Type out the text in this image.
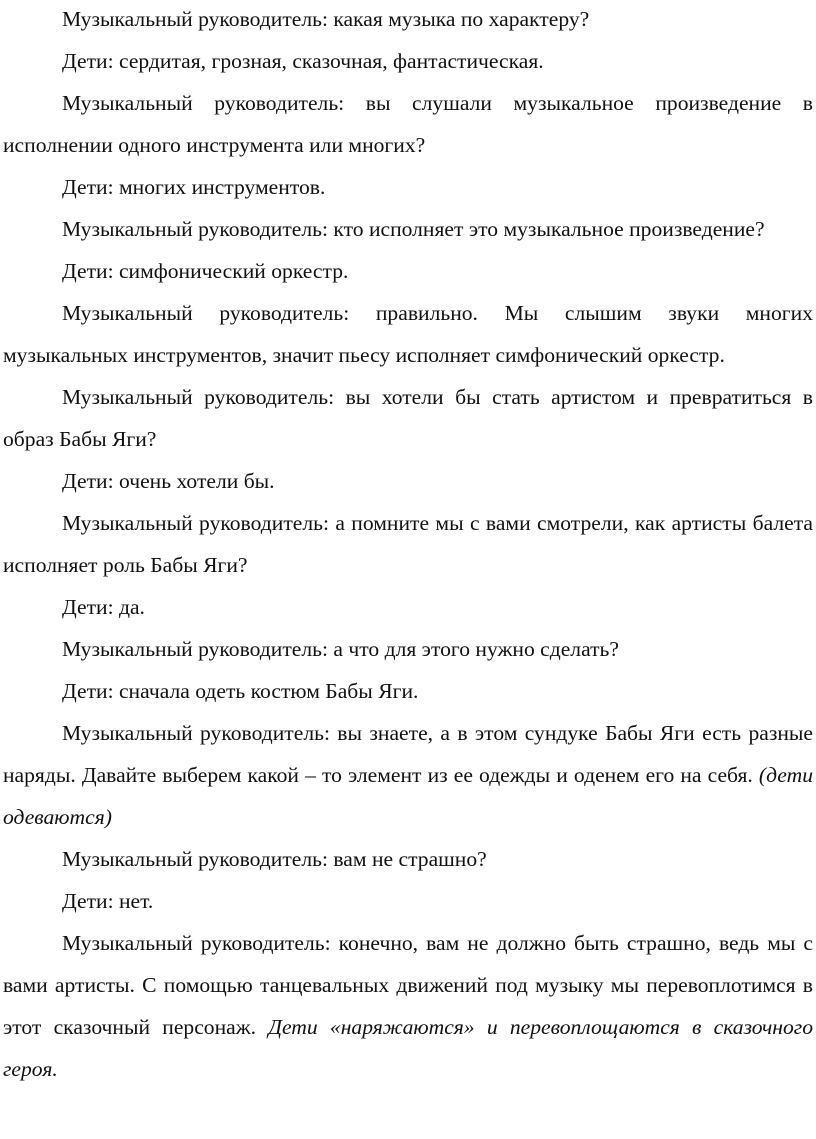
Музыкальный руководитель: какая музыка по характеру?

Дети: сердитая, грозная, сказочная, фантастическая.

Музыкальный руководитель: вы слушали музыкальное произведение в исполнении одного инструмента или многих?

Дети: многих инструментов.

Музыкальный руководитель: кто исполняет это музыкальное произведение?

Дети: симфонический оркестр.

Музыкальный руководитель: правильно. Мы слышим звуки многих музыкальных инструментов, значит пьесу исполняет симфонический оркестр.

Музыкальный руководитель: вы хотели бы стать артистом и превратиться в образ Бабы Яги?

Дети: очень хотели бы.

Музыкальный руководитель: а помните мы с вами смотрели, как артисты балета исполняет роль Бабы Яги?

Дети: да.

Музыкальный руководитель: а что для этого нужно сделать?

Дети: сначала одеть костюм Бабы Яги.

Музыкальный руководитель: вы знаете, а в этом сундуке Бабы Яги есть разные наряды. Давайте выберем какой – то элемент из ее одежды и оденем его на себя. (дети одеваются)

Музыкальный руководитель: вам не страшно?

Дети: нет.

Музыкальный руководитель: конечно, вам не должно быть страшно, ведь мы с вами артисты. С помощью танцевальных движений под музыку мы перевоплотимся в этот сказочный персонаж. Дети «наряжаются» и перевоплощаются в сказочного героя.
